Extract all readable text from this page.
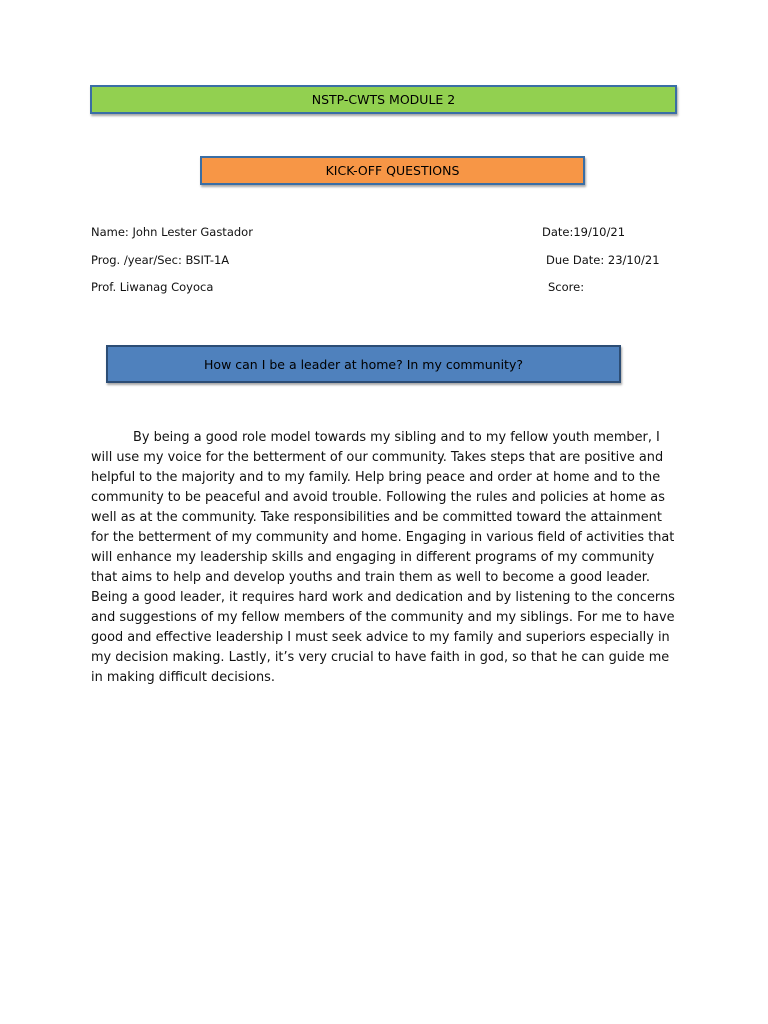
NSTP-CWTS MODULE 2
KICK-OFF QUESTIONS
Name: John Lester Gastador
Prog. /year/Sec: BSIT-1A
Prof. Liwanag Coyoca
Date:19/10/21
Due Date: 23/10/21
Score:
How can I be a leader at home? In my community?

By being a good role model towards my sibling and to my fellow youth member, I will use my voice for the betterment of our community. Takes steps that are positive and helpful to the majority and to my family. Help bring peace and order at home and to the community to be peaceful and avoid trouble. Following the rules and policies at home as well as at the community. Take responsibilities and be committed toward the attainment for the betterment of my community and home. Engaging in various field of activities that will enhance my leadership skills and engaging in different programs of my community that aims to help and develop youths and train them as well to become a good leader. Being a good leader, it requires hard work and dedication and by listening to the concerns and suggestions of my fellow members of the community and my siblings. For me to have good and effective leadership I must seek advice to my family and superiors especially in my decision making. Lastly, it’s very crucial to have faith in god, so that he can guide me in making difficult decisions.
